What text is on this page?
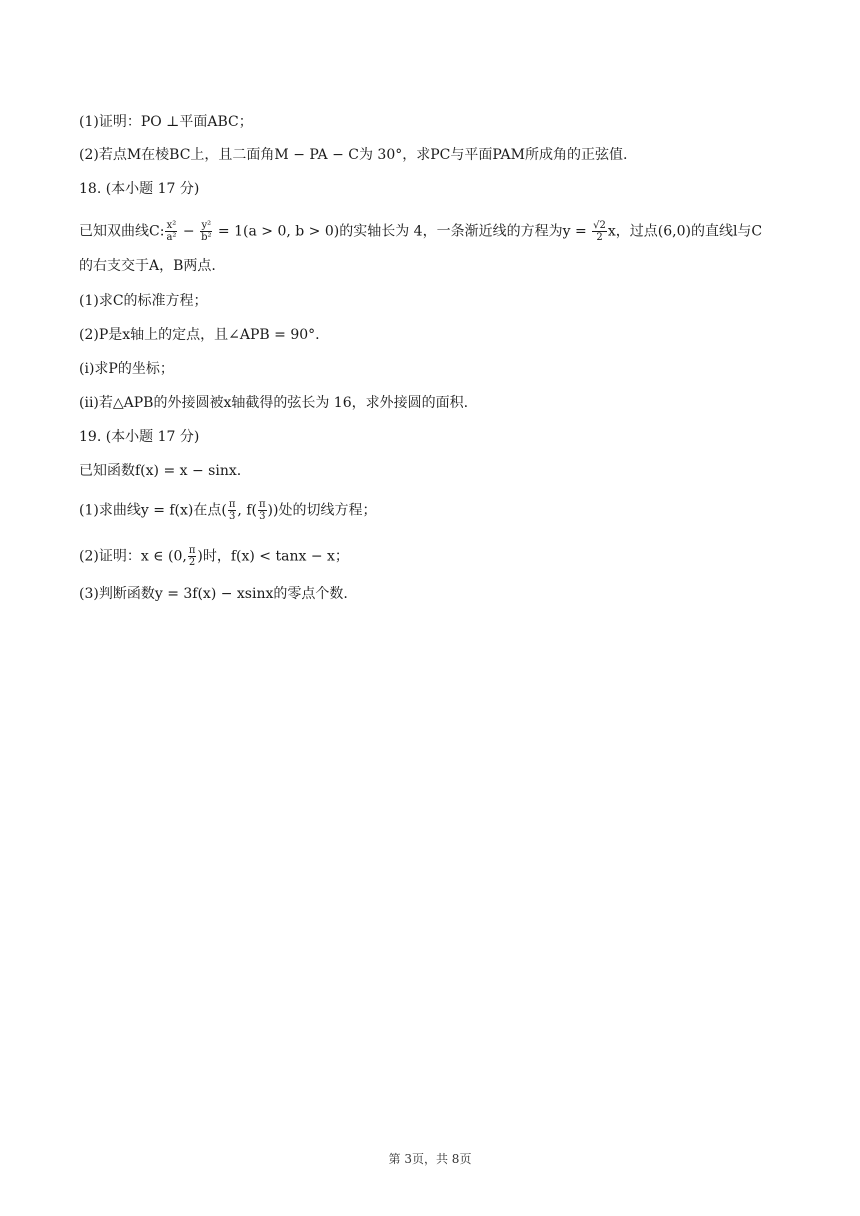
(1)证明：PO ⊥平面ABC；
(2)若点M在棱BC上，且二面角M − PA − C为 30°，求PC与平面PAM所成角的正弦值.
18. (本小题 17 分)
已知双曲线C: $\frac{\text{x²}}{\text{a²}} - \frac{\text{y²}}{\text{b²}} = 1(a > 0$, b > 0)的实轴长为 4，一条渐近线的方程为$y = \frac{√2}{2}$ x，过点(6,0)的直线l与C
的右支交于A，B两点.
(1)求C的标准方程；
(2)P是x轴上的定点，且∠APB = 90°.
(i)求P的坐标；
(ii)若△APB的外接圆被x轴截得的弦长为 16，求外接圆的面积.
19. (本小题 17 分)
已知函数f(x) = x − sinx.
(1)求曲线y = f(x)在点( $\frac{\pi}{3}$ , $f( \frac{\pi}{3}$ ))处的切线方程；
(2)证明：x ∈ (0, $\frac{\pi}{2}$ )时，f(x) < tanx − x；
(3)判断函数y = 3f(x) − xsinx的零点个数.
第 3页，共 8页
